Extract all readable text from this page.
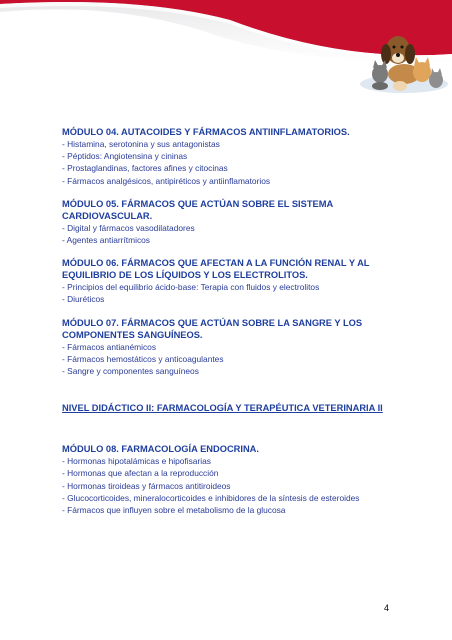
MÓDULO 04. AUTACOIDES Y FÁRMACOS ANTIINFLAMATORIOS.
- Histamina, serotonina y sus antagonistas
- Péptidos: Angiotensina y cininas
- Prostaglandinas, factores afines y citocinas
- Fármacos analgésicos, antipiréticos y antiinflamatorios
MÓDULO 05. FÁRMACOS QUE ACTÚAN SOBRE EL SISTEMA CARDIOVASCULAR.
- Digital y fármacos vasodilatadores
- Agentes antiarrítmicos
MÓDULO 06. FÁRMACOS QUE AFECTAN A LA FUNCIÓN RENAL Y AL EQUILIBRIO DE LOS LÍQUIDOS Y LOS ELECTROLITOS.
- Principios del equilibrio ácido-base: Terapia con fluidos y electrolitos
- Diuréticos
MÓDULO 07. FÁRMACOS QUE ACTÚAN SOBRE LA SANGRE Y LOS COMPONENTES SANGUÍNEOS.
- Fármacos antianémicos
- Fármacos hemostáticos y anticoagulantes
- Sangre y componentes sanguíneos
NIVEL DIDÁCTICO II: FARMACOLOGÍA Y TERAPÉUTICA VETERINARIA II
MÓDULO 08. FARMACOLOGÍA ENDOCRINA.
- Hormonas hipotalámicas e hipofisarias
- Hormonas que afectan a la reproducción
- Hormonas tiroideas y fármacos antitiroideos
- Glucocorticoides, mineralocorticoides e inhibidores de la síntesis de esteroides
- Fármacos que influyen sobre el metabolismo de la glucosa
4
